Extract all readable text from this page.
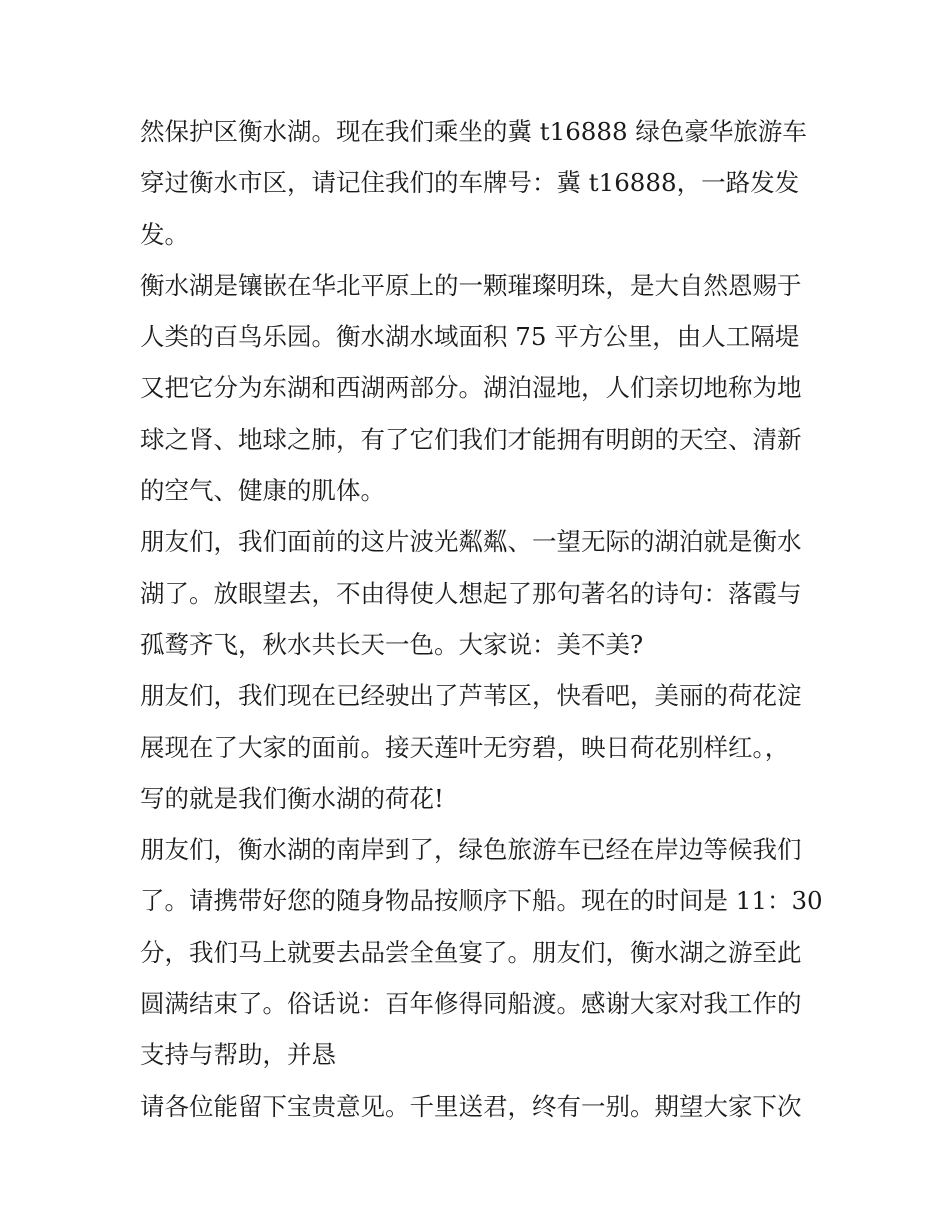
然保护区衡水湖。现在我们乘坐的冀 t16888 绿色豪华旅游车
穿过衡水市区，请记住我们的车牌号：冀 t16888，一路发发
发。

衡水湖是镶嵌在华北平原上的一颗璀璨明珠，是大自然恩赐于
人类的百鸟乐园。衡水湖水域面积 75 平方公里，由人工隔堤
又把它分为东湖和西湖两部分。湖泊湿地，人们亲切地称为地
球之肾、地球之肺，有了它们我们才能拥有明朗的天空、清新
的空气、健康的肌体。

朋友们，我们面前的这片波光粼粼、一望无际的湖泊就是衡水
湖了。放眼望去，不由得使人想起了那句著名的诗句：落霞与
孤鹜齐飞，秋水共长天一色。大家说：美不美?

朋友们，我们现在已经驶出了芦苇区，快看吧，美丽的荷花淀
展现在了大家的面前。接天莲叶无穷碧，映日荷花别样红。，
写的就是我们衡水湖的荷花!

朋友们，衡水湖的南岸到了，绿色旅游车已经在岸边等候我们
了。请携带好您的随身物品按顺序下船。现在的时间是 11：30
分，我们马上就要去品尝全鱼宴了。朋友们，衡水湖之游至此
圆满结束了。俗话说：百年修得同船渡。感谢大家对我工作的
支持与帮助，并恳

请各位能留下宝贵意见。千里送君，终有一别。期望大家下次
